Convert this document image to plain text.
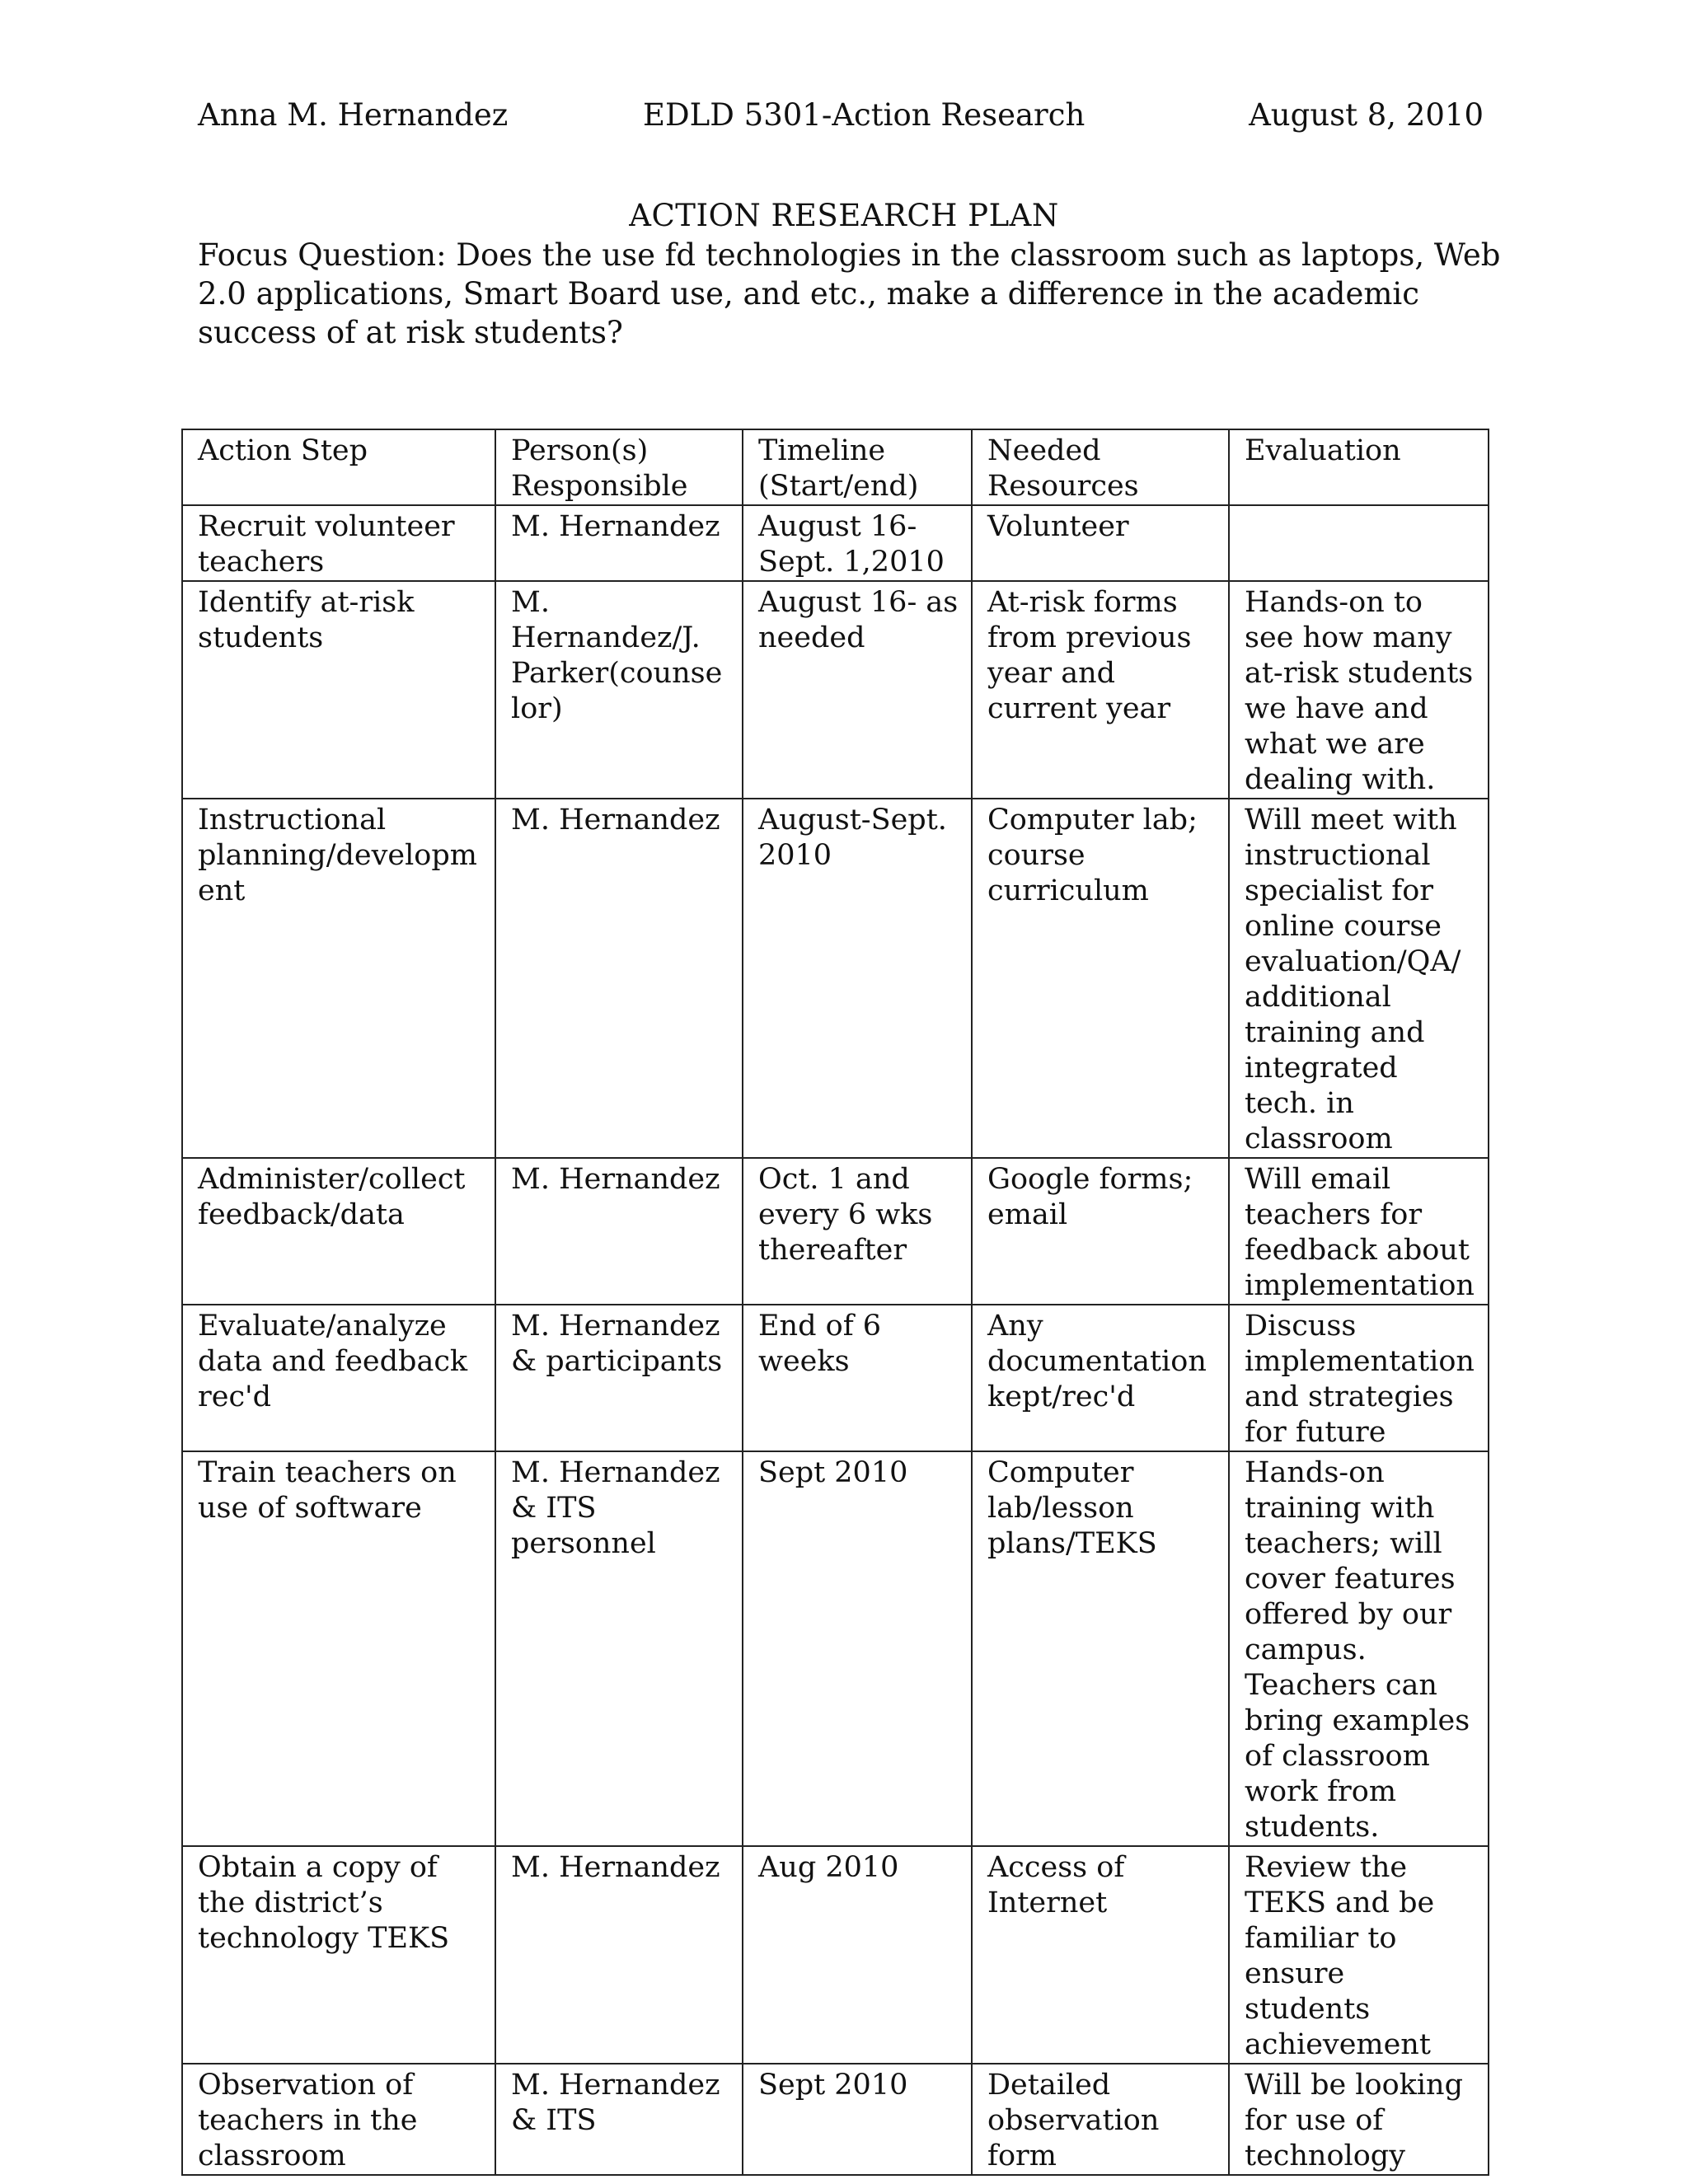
Anna M. Hernandez	EDLD 5301-Action Research	August 8, 2010
ACTION RESEARCH PLAN
Focus Question: Does the use fd technologies in the classroom such as laptops, Web 2.0 applications, Smart Board use, and etc., make a difference in the academic success of at risk students?
Action Step	Person(s) Responsible	Timeline (Start/end)	Needed Resources	Evaluation
Recruit volunteer teachers	M. Hernandez	August 16- Sept. 1,2010	Volunteer	
Identify at-risk students	M. Hernandez/J. Parker(counselor)	August 16- as needed	At-risk forms from previous year and current year	Hands-on to see how many at-risk students we have and what we are dealing with.
Instructional planning/development	M. Hernandez	August-Sept. 2010	Computer lab; course curriculum	Will meet with instructional specialist for online course evaluation/QA/additional training and integrated tech. in classroom
Administer/collect feedback/data	M. Hernandez	Oct. 1 and every 6 wks thereafter	Google forms; email	Will email teachers for feedback about implementation
Evaluate/analyze data and feedback rec'd	M. Hernandez & participants	End of 6 weeks	Any documentation kept/rec'd	Discuss implementation and strategies for future
Train teachers on use of software	M. Hernandez & ITS personnel	Sept 2010	Computer lab/lesson plans/TEKS	Hands-on training with teachers; will cover features offered by our campus. Teachers can bring examples of classroom work from students.
Obtain a copy of the district’s technology TEKS	M. Hernandez	Aug 2010	Access of Internet	Review the TEKS and be familiar to ensure students achievement
Observation of teachers in the classroom	M. Hernandez & ITS	Sept 2010	Detailed observation form	Will be looking for use of technology
